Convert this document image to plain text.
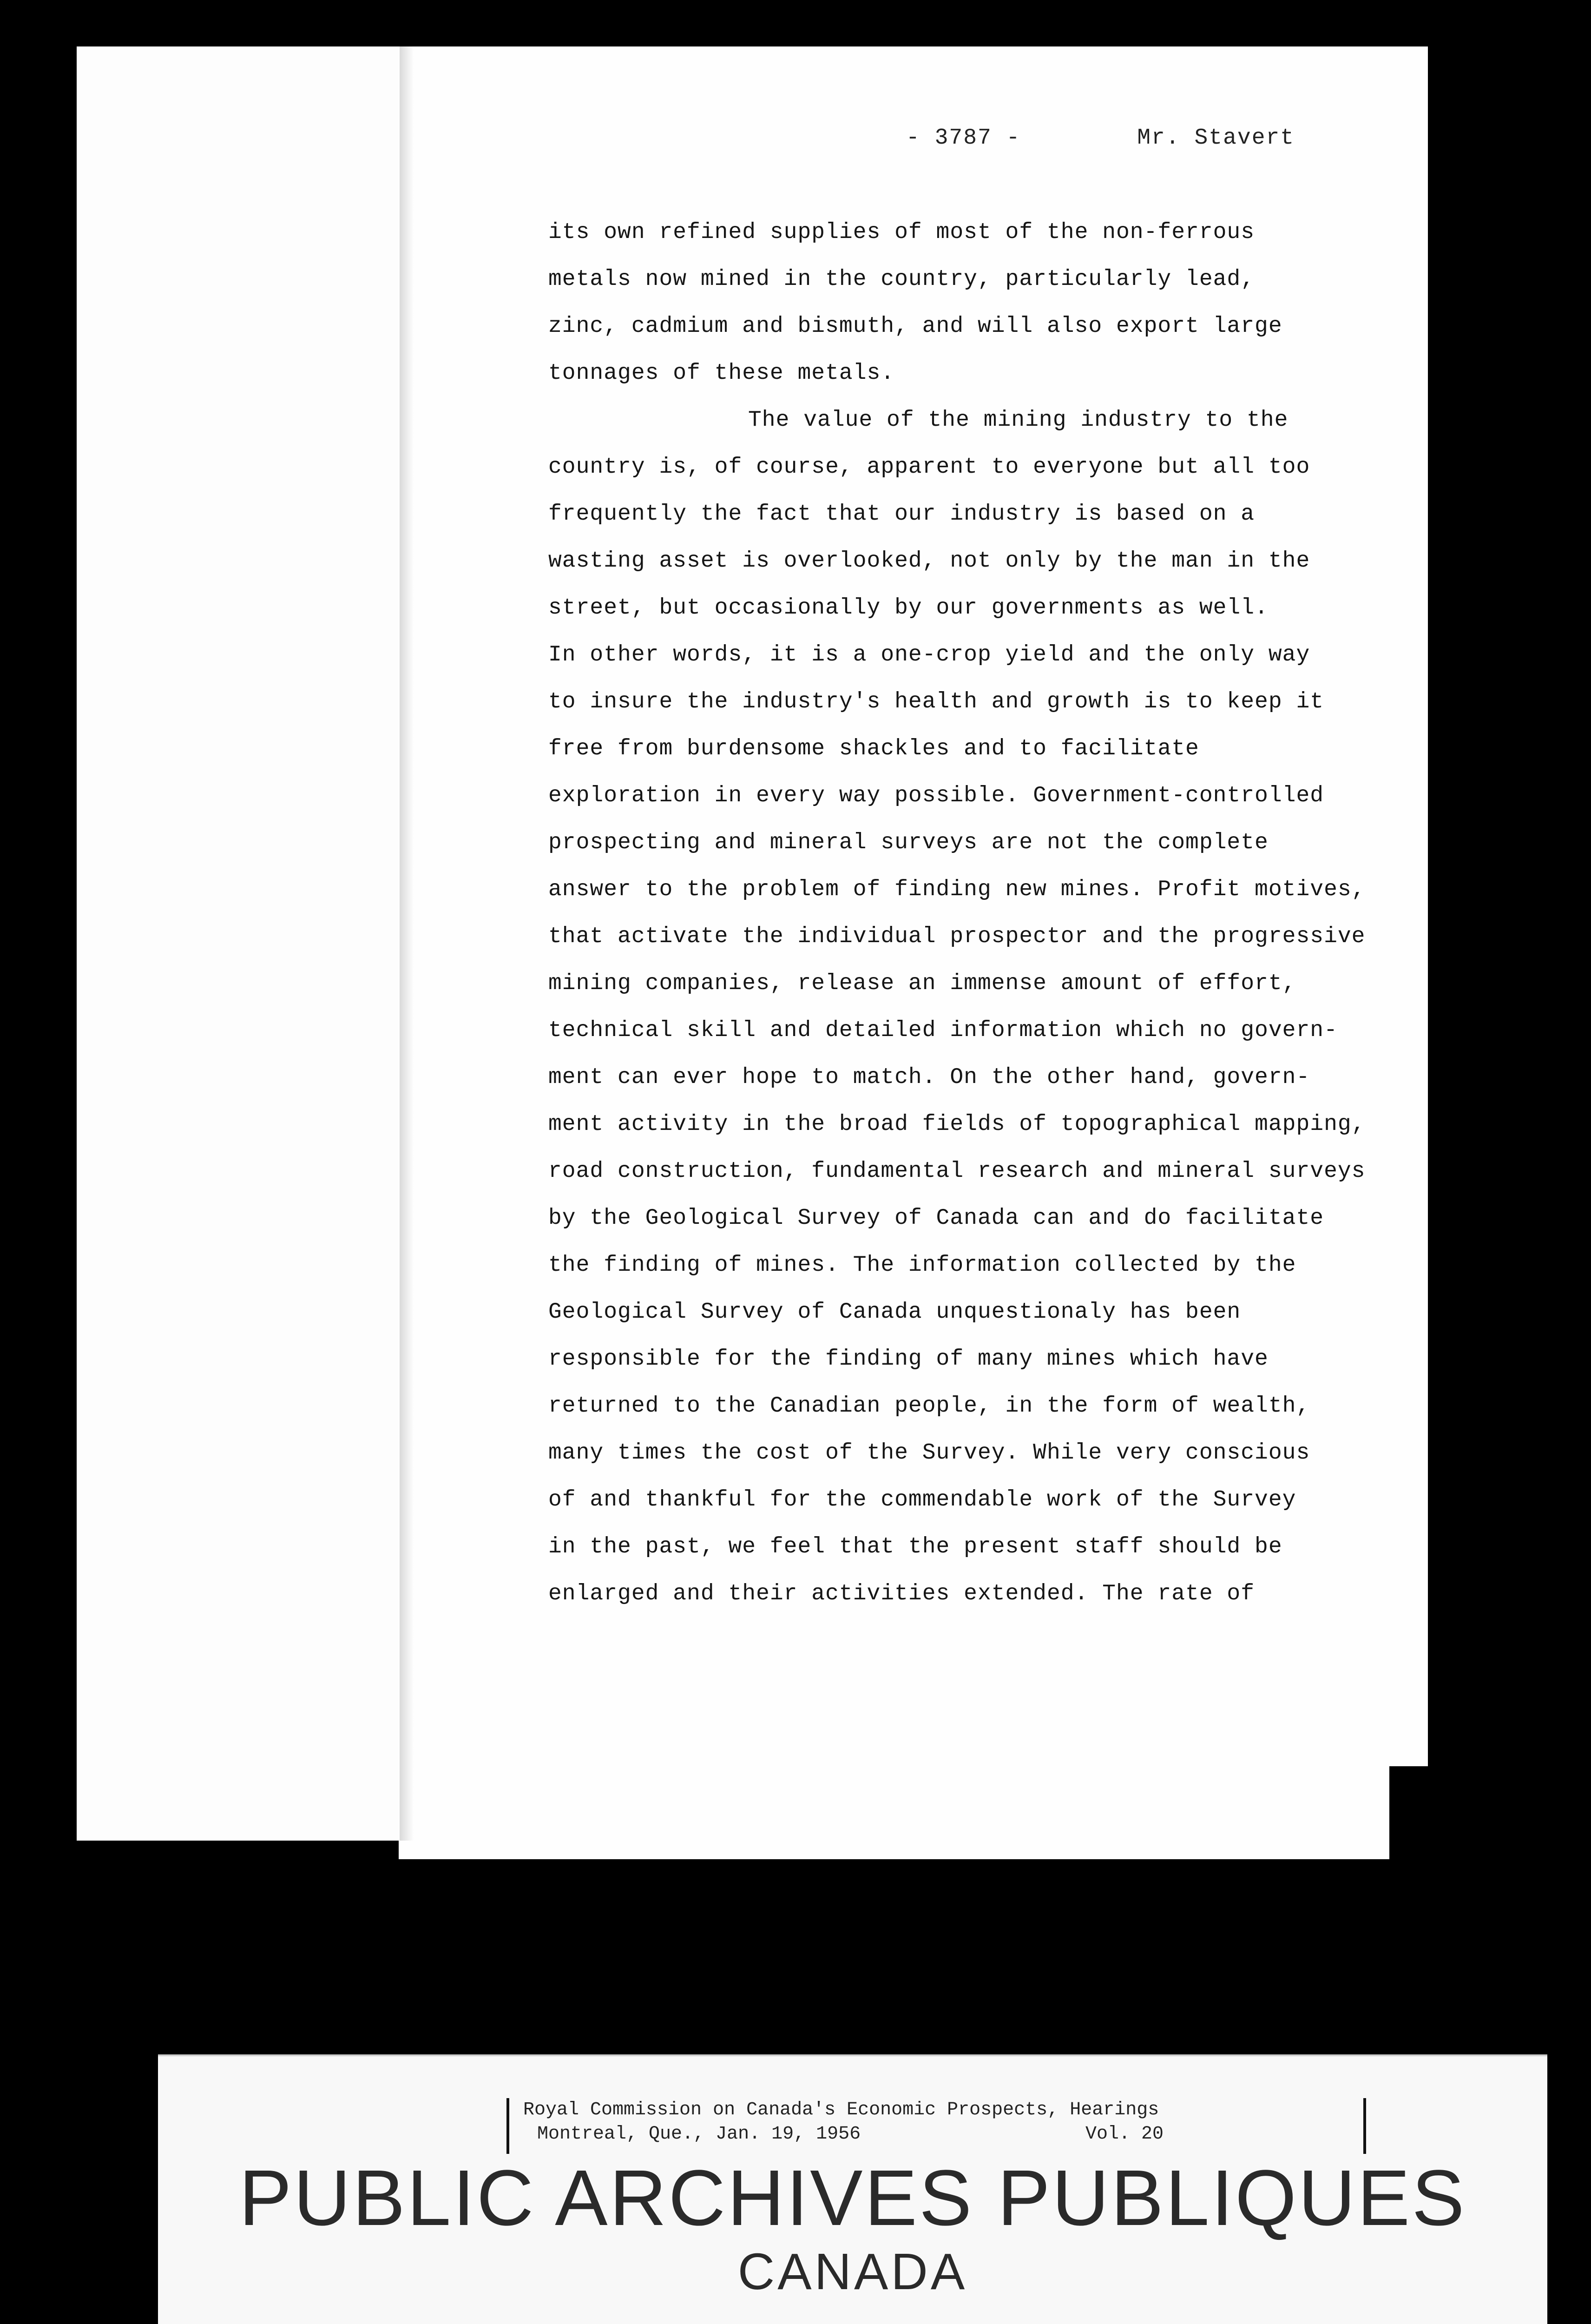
- 3787 -	Mr. Stavert

its own refined supplies of most of the non-ferrous

metals now mined in the country, particularly lead,

zinc, cadmium and bismuth, and will also export large

tonnages of these metals.

The value of the mining industry to the

country is, of course, apparent to everyone but all too

frequently the fact that our industry is based on a

wasting asset is overlooked, not only by the man in the

street, but occasionally by our governments as well.

In other words, it is a one-crop yield and the only way

to insure the industry's health and growth is to keep it

free from burdensome shackles and to facilitate

exploration in every way possible. Government-controlled

prospecting and mineral surveys are not the complete

answer to the problem of finding new mines. Profit motives,

that activate the individual prospector and the progressive

mining companies, release an immense amount of effort,

technical skill and detailed information which no govern-

ment can ever hope to match. On the other hand, govern-

ment activity in the broad fields of topographical mapping,

road construction, fundamental research and mineral surveys

by the Geological Survey of Canada can and do facilitate

the finding of mines. The information collected by the

Geological Survey of Canada unquestionaly has been

responsible for the finding of many mines which have

returned to the Canadian people, in the form of wealth,

many times the cost of the Survey. While very conscious

of and thankful for the commendable work of the Survey

in the past, we feel that the present staff should be

enlarged and their activities extended. The rate of

Royal Commission on Canada's Economic Prospects, Hearings
Montreal, Que., Jan. 19, 1956	Vol. 20
PUBLIC ARCHIVES PUBLIQUES
CANADA
